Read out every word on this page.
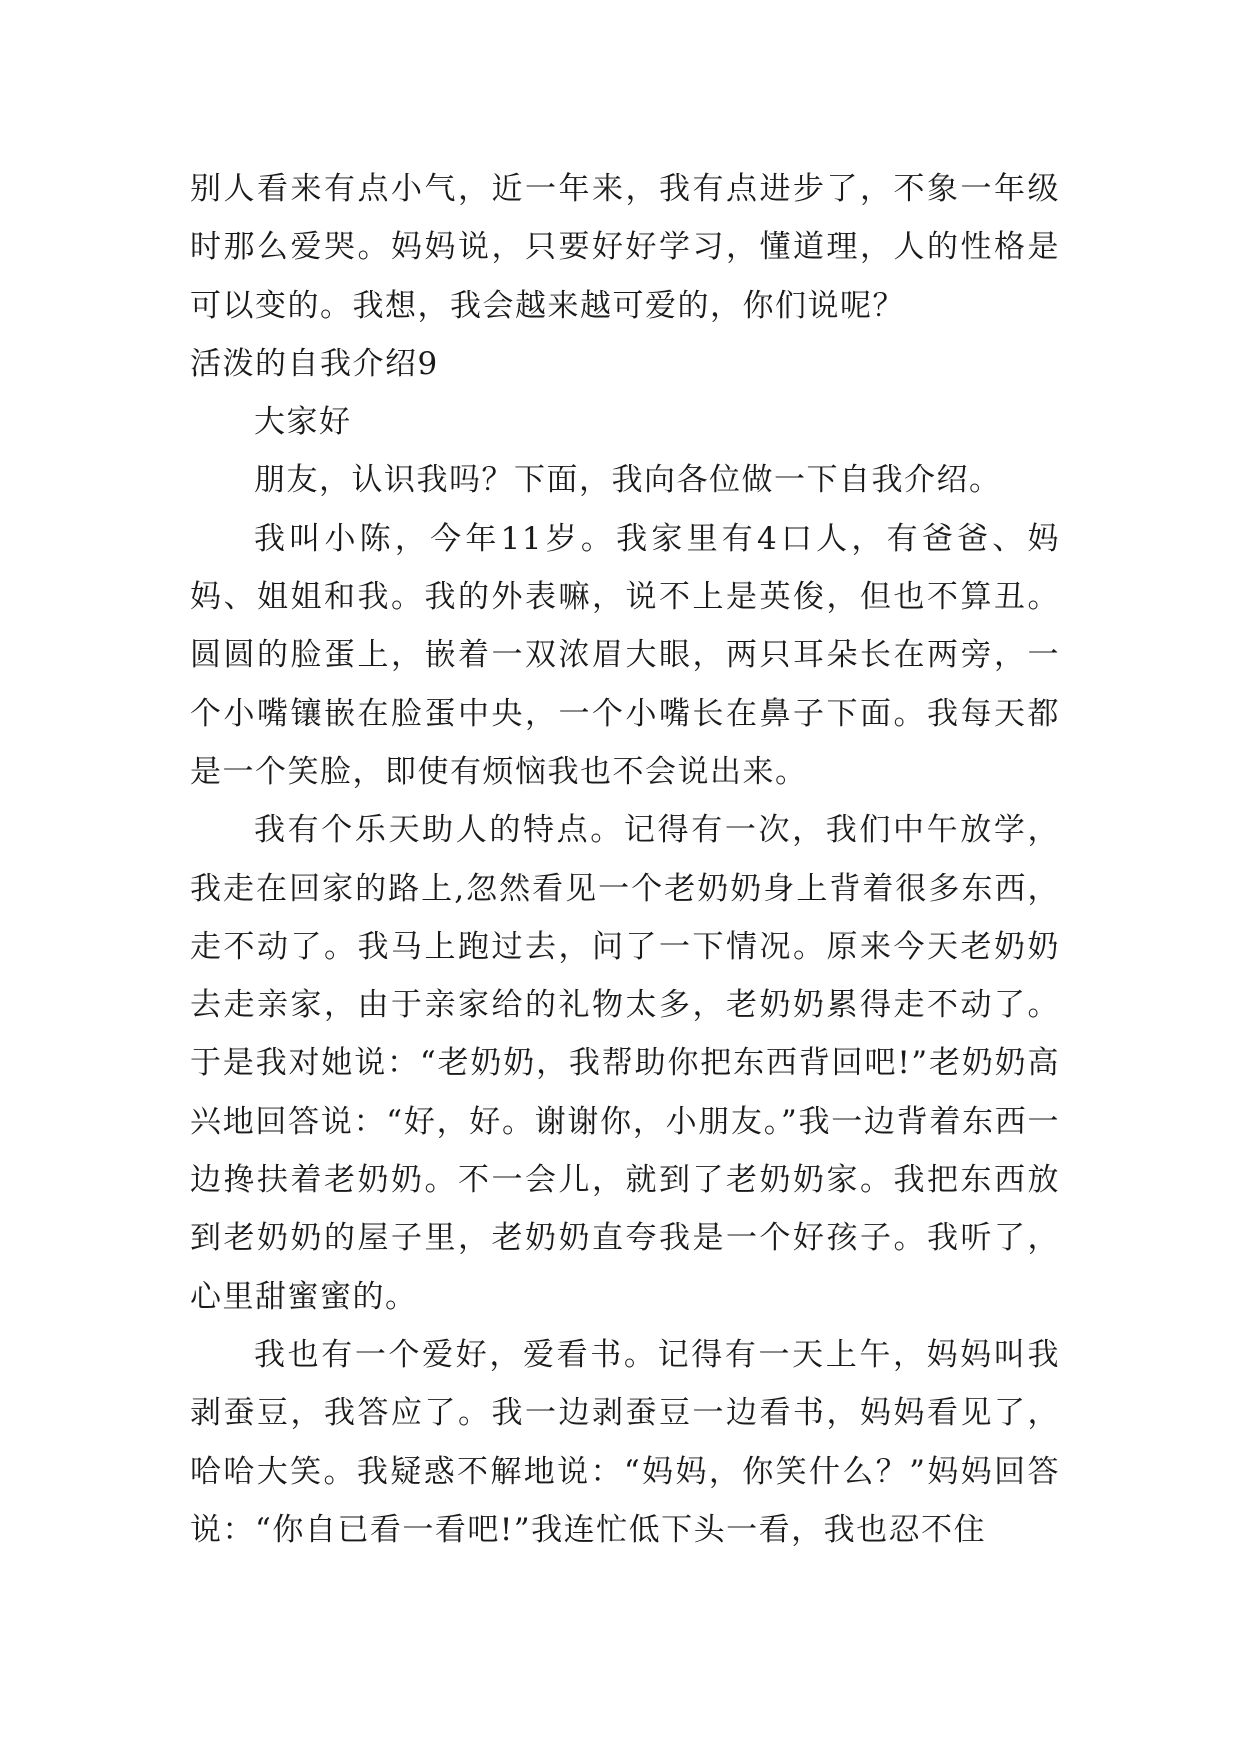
别人看来有点小气，近一年来，我有点进步了，不象一年级时那么爱哭。妈妈说，只要好好学习，懂道理，人的性格是可以变的。我想，我会越来越可爱的，你们说呢？

活泼的自我介绍9

大家好

朋友，认识我吗？下面，我向各位做一下自我介绍。

我叫小陈，今年11岁。我家里有4口人，有爸爸、妈妈、姐姐和我。我的外表嘛，说不上是英俊，但也不算丑。圆圆的脸蛋上，嵌着一双浓眉大眼，两只耳朵长在两旁，一个小嘴镶嵌在脸蛋中央，一个小嘴长在鼻子下面。我每天都是一个笑脸，即使有烦恼我也不会说出来。

我有个乐天助人的特点。记得有一次，我们中午放学，我走在回家的路上,忽然看见一个老奶奶身上背着很多东西，走不动了。我马上跑过去，问了一下情况。原来今天老奶奶去走亲家，由于亲家给的礼物太多，老奶奶累得走不动了。于是我对她说：“老奶奶，我帮助你把东西背回吧!”老奶奶高兴地回答说：“好，好。谢谢你，小朋友。”我一边背着东西一边搀扶着老奶奶。不一会儿，就到了老奶奶家。我把东西放到老奶奶的屋子里，老奶奶直夸我是一个好孩子。我听了，心里甜蜜蜜的。

我也有一个爱好，爱看书。记得有一天上午，妈妈叫我剥蚕豆，我答应了。我一边剥蚕豆一边看书，妈妈看见了，哈哈大笑。我疑惑不解地说：“妈妈，你笑什么？”妈妈回答说：“你自已看一看吧!”我连忙低下头一看，我也忍不住
